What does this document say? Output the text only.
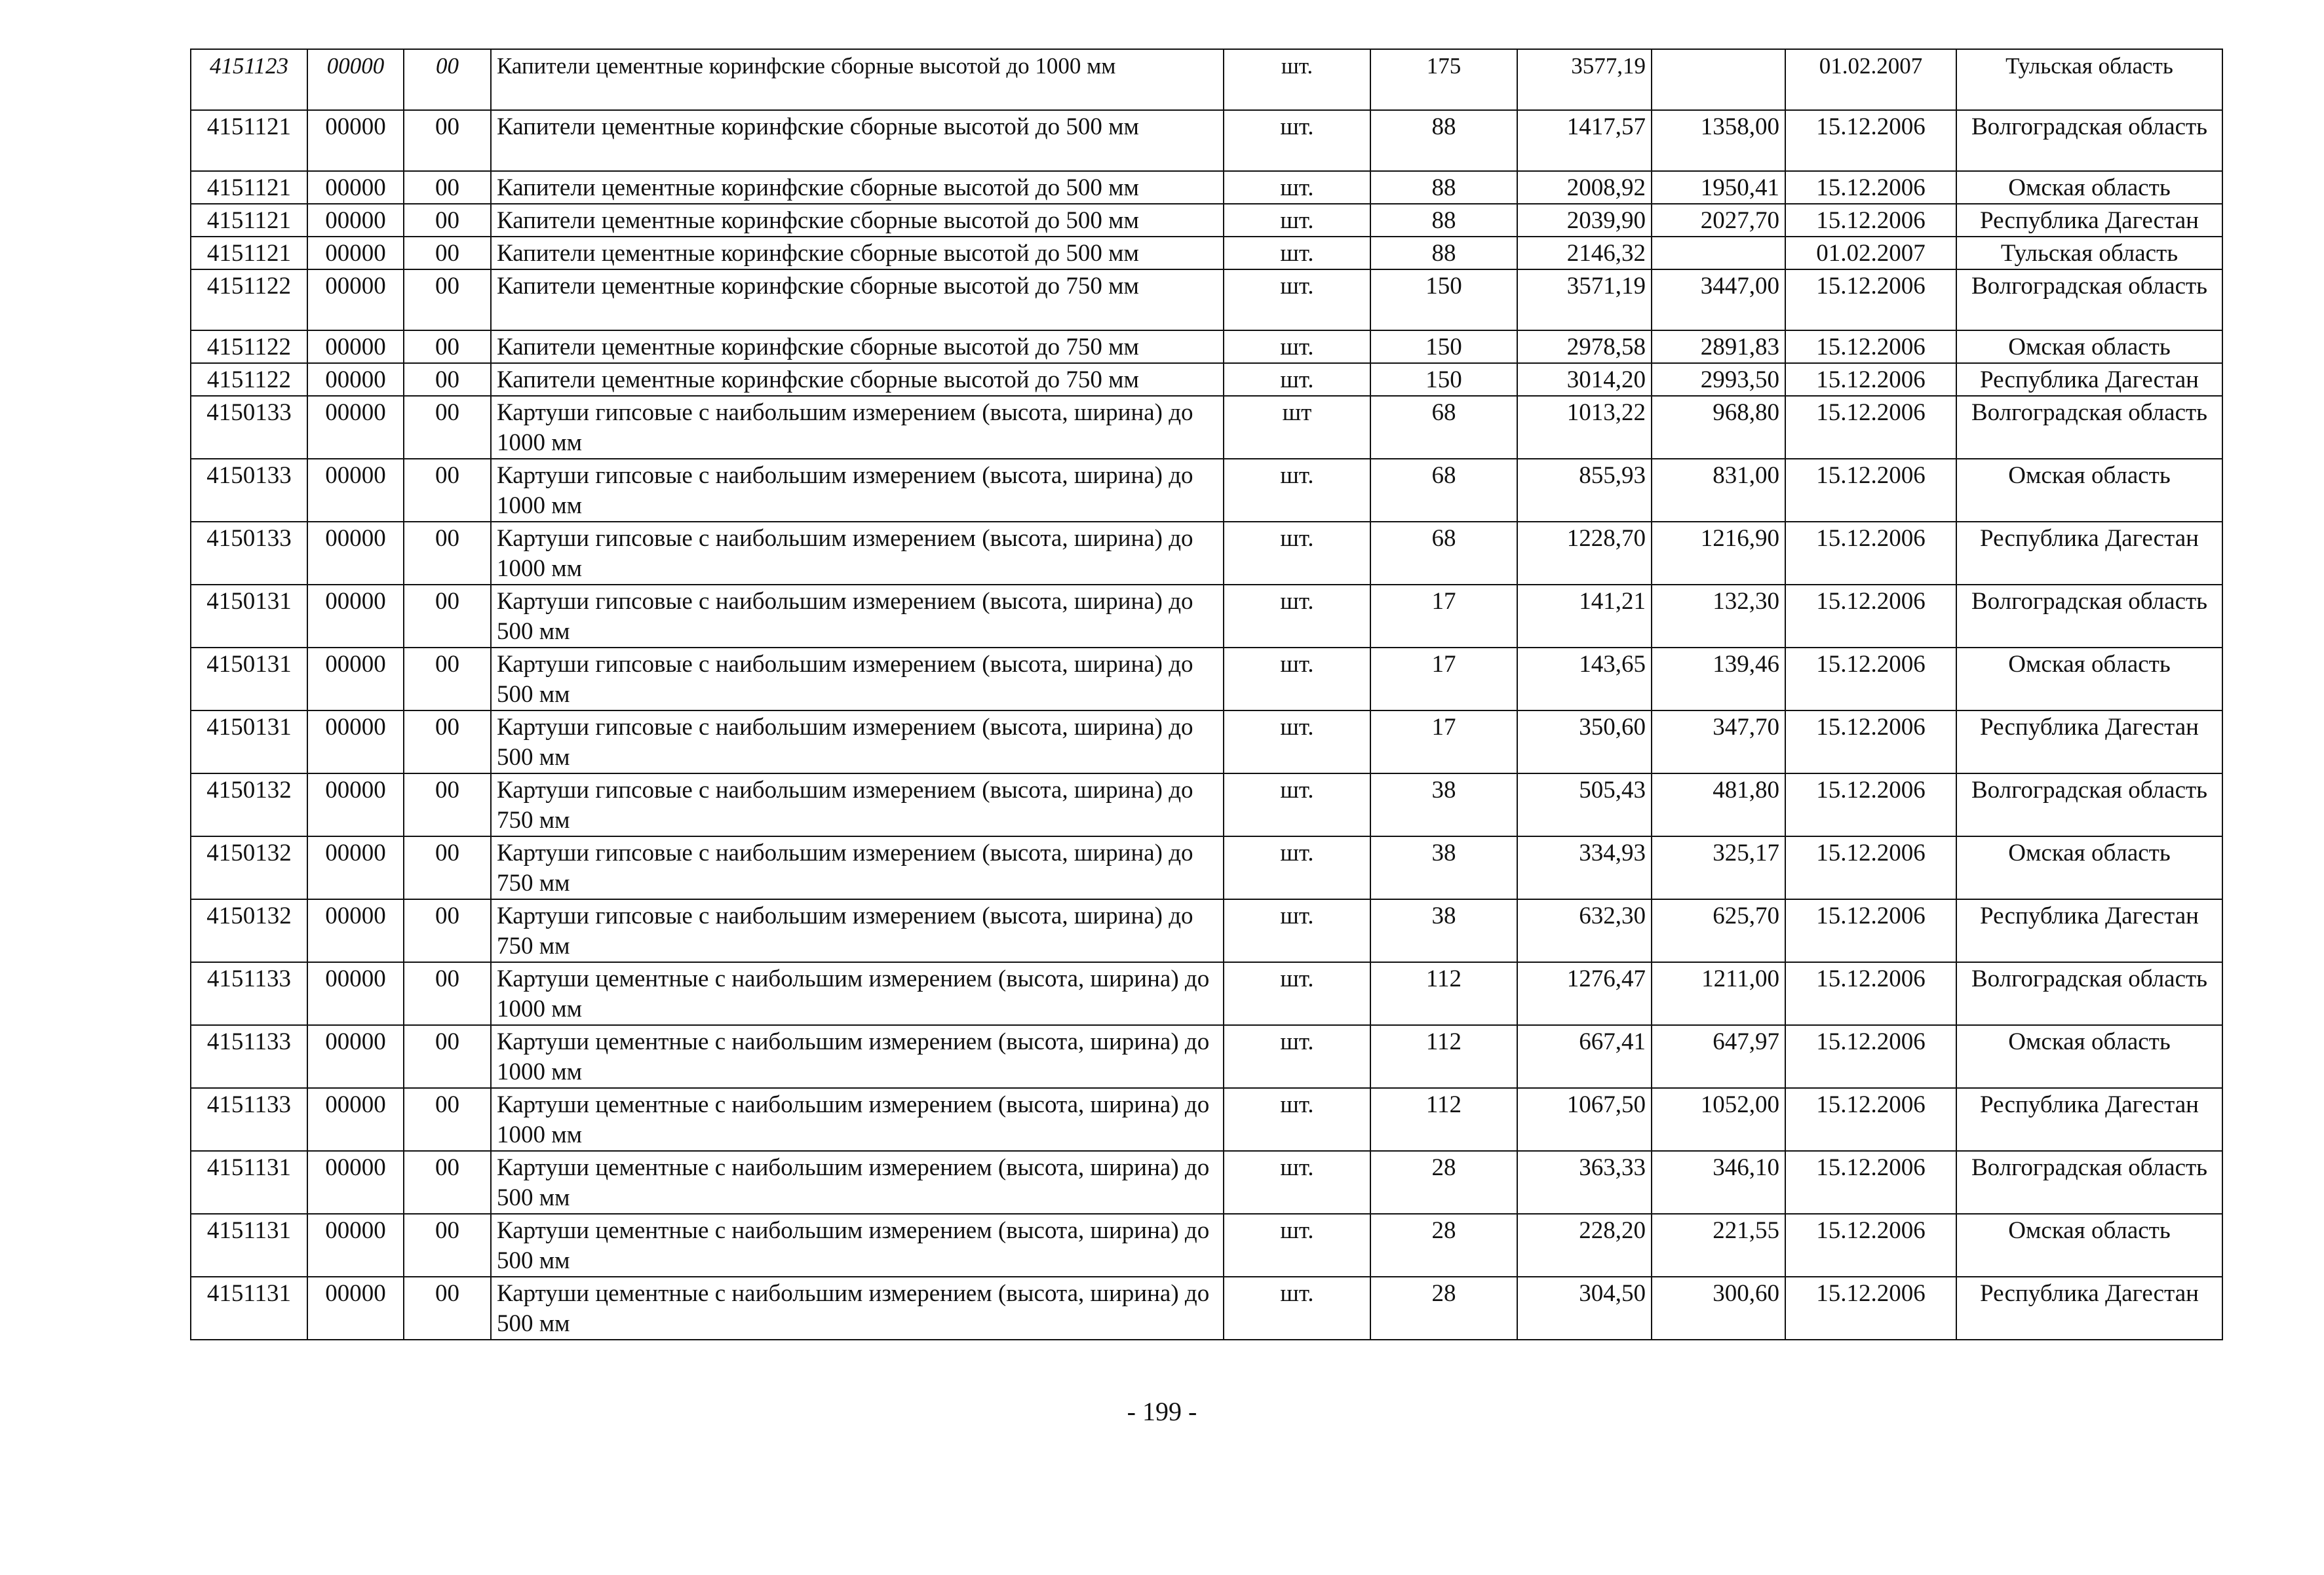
4151123	00000	00	Капители цементные коринфские сборные высотой до 1000 мм	шт.	175	3577,19		01.02.2007	Тульская область
4151121	00000	00	Капители цементные коринфские сборные высотой до 500 мм	шт.	88	1417,57	1358,00	15.12.2006	Волгоградская область
4151121	00000	00	Капители цементные коринфские сборные высотой до 500 мм	шт.	88	2008,92	1950,41	15.12.2006	Омская область
4151121	00000	00	Капители цементные коринфские сборные высотой до 500 мм	шт.	88	2039,90	2027,70	15.12.2006	Республика Дагестан
4151121	00000	00	Капители цементные коринфские сборные высотой до 500 мм	шт.	88	2146,32		01.02.2007	Тульская область
4151122	00000	00	Капители цементные коринфские сборные высотой до 750 мм	шт.	150	3571,19	3447,00	15.12.2006	Волгоградская область
4151122	00000	00	Капители цементные коринфские сборные высотой до 750 мм	шт.	150	2978,58	2891,83	15.12.2006	Омская область
4151122	00000	00	Капители цементные коринфские сборные высотой до 750 мм	шт.	150	3014,20	2993,50	15.12.2006	Республика Дагестан
4150133	00000	00	Картуши гипсовые с наибольшим измерением (высота, ширина) до 1000 мм	шт	68	1013,22	968,80	15.12.2006	Волгоградская область
4150133	00000	00	Картуши гипсовые с наибольшим измерением (высота, ширина) до 1000 мм	шт.	68	855,93	831,00	15.12.2006	Омская область
4150133	00000	00	Картуши гипсовые с наибольшим измерением (высота, ширина) до 1000 мм	шт.	68	1228,70	1216,90	15.12.2006	Республика Дагестан
4150131	00000	00	Картуши гипсовые с наибольшим измерением (высота, ширина) до 500 мм	шт.	17	141,21	132,30	15.12.2006	Волгоградская область
4150131	00000	00	Картуши гипсовые с наибольшим измерением (высота, ширина) до 500 мм	шт.	17	143,65	139,46	15.12.2006	Омская область
4150131	00000	00	Картуши гипсовые с наибольшим измерением (высота, ширина) до 500 мм	шт.	17	350,60	347,70	15.12.2006	Республика Дагестан
4150132	00000	00	Картуши гипсовые с наибольшим измерением (высота, ширина) до 750 мм	шт.	38	505,43	481,80	15.12.2006	Волгоградская область
4150132	00000	00	Картуши гипсовые с наибольшим измерением (высота, ширина) до 750 мм	шт.	38	334,93	325,17	15.12.2006	Омская область
4150132	00000	00	Картуши гипсовые с наибольшим измерением (высота, ширина) до 750 мм	шт.	38	632,30	625,70	15.12.2006	Республика Дагестан
4151133	00000	00	Картуши цементные с наибольшим измерением (высота, ширина) до 1000 мм	шт.	112	1276,47	1211,00	15.12.2006	Волгоградская область
4151133	00000	00	Картуши цементные с наибольшим измерением (высота, ширина) до 1000 мм	шт.	112	667,41	647,97	15.12.2006	Омская область
4151133	00000	00	Картуши цементные с наибольшим измерением (высота, ширина) до 1000 мм	шт.	112	1067,50	1052,00	15.12.2006	Республика Дагестан
4151131	00000	00	Картуши цементные с наибольшим измерением (высота, ширина) до 500 мм	шт.	28	363,33	346,10	15.12.2006	Волгоградская область
4151131	00000	00	Картуши цементные с наибольшим измерением (высота, ширина) до 500 мм	шт.	28	228,20	221,55	15.12.2006	Омская область
4151131	00000	00	Картуши цементные с наибольшим измерением (высота, ширина) до 500 мм	шт.	28	304,50	300,60	15.12.2006	Республика Дагестан
- 199 -
